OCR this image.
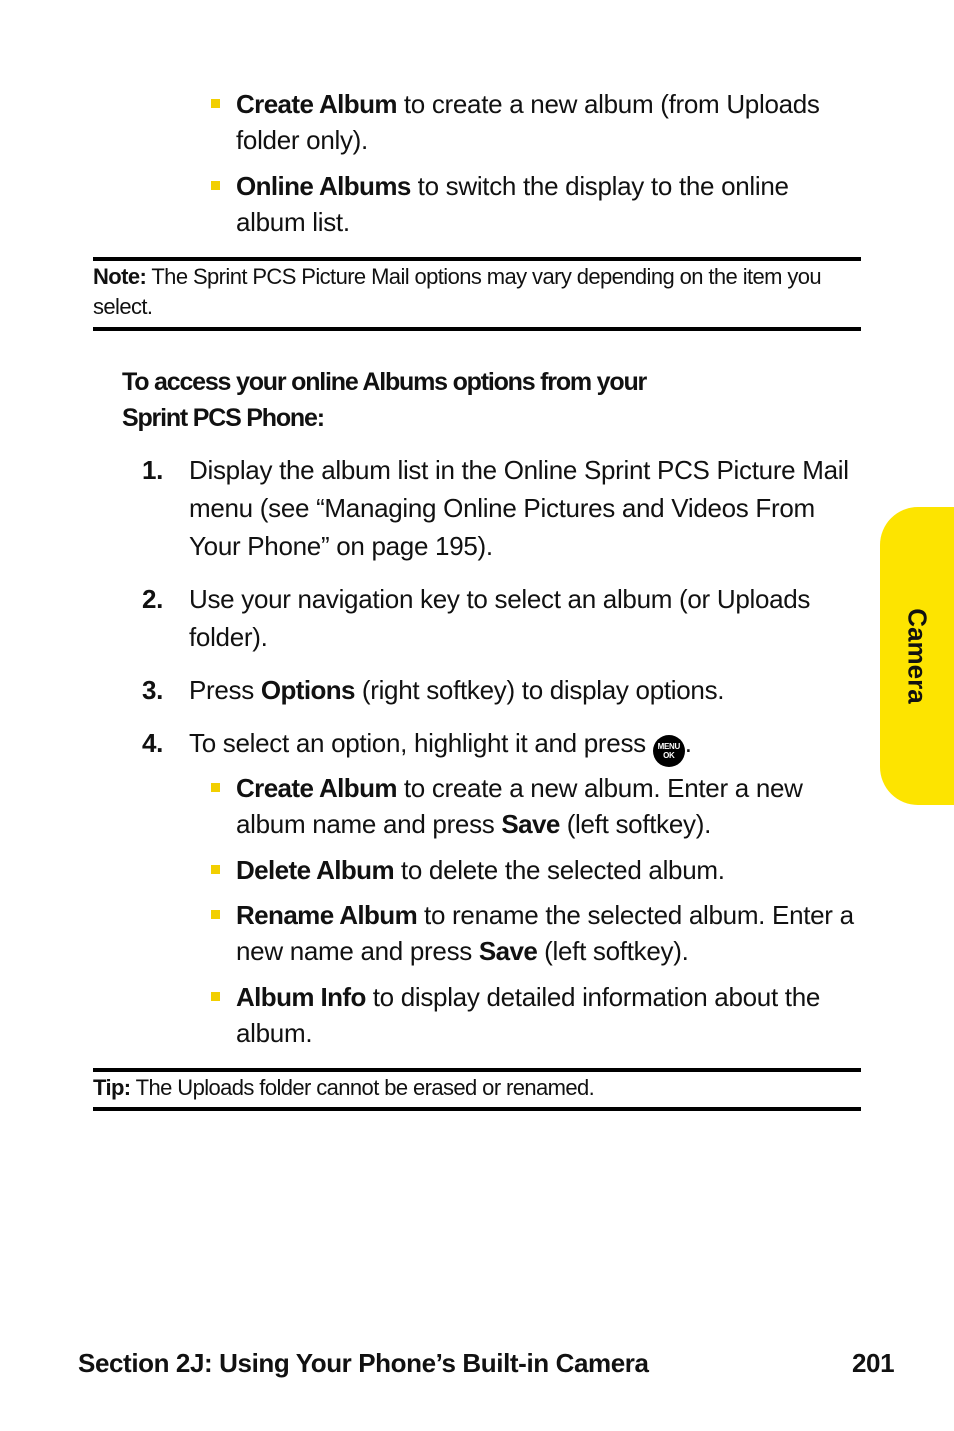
Create Album to create a new album (from Uploads folder only).
Online Albums to switch the display to the online album list.
Note: The Sprint PCS Picture Mail options may vary depending on the item you select.
To access your online Albums options from your
Sprint PCS Phone:
1. Display the album list in the Online Sprint PCS Picture Mail menu (see “Managing Online Pictures and Videos From Your Phone” on page 195).
2. Use your navigation key to select an album (or Uploads folder).
3. Press Options (right softkey) to display options.
4. To select an option, highlight it and press MENU
OK .
Create Album to create a new album. Enter a new album name and press Save (left softkey).
Delete Album to delete the selected album.
Rename Album to rename the selected album. Enter a new name and press Save (left softkey).
Album Info to display detailed information about the album.
Tip: The Uploads folder cannot be erased or renamed.
Camera
Section 2J: Using Your Phone’s Built-in Camera	201
